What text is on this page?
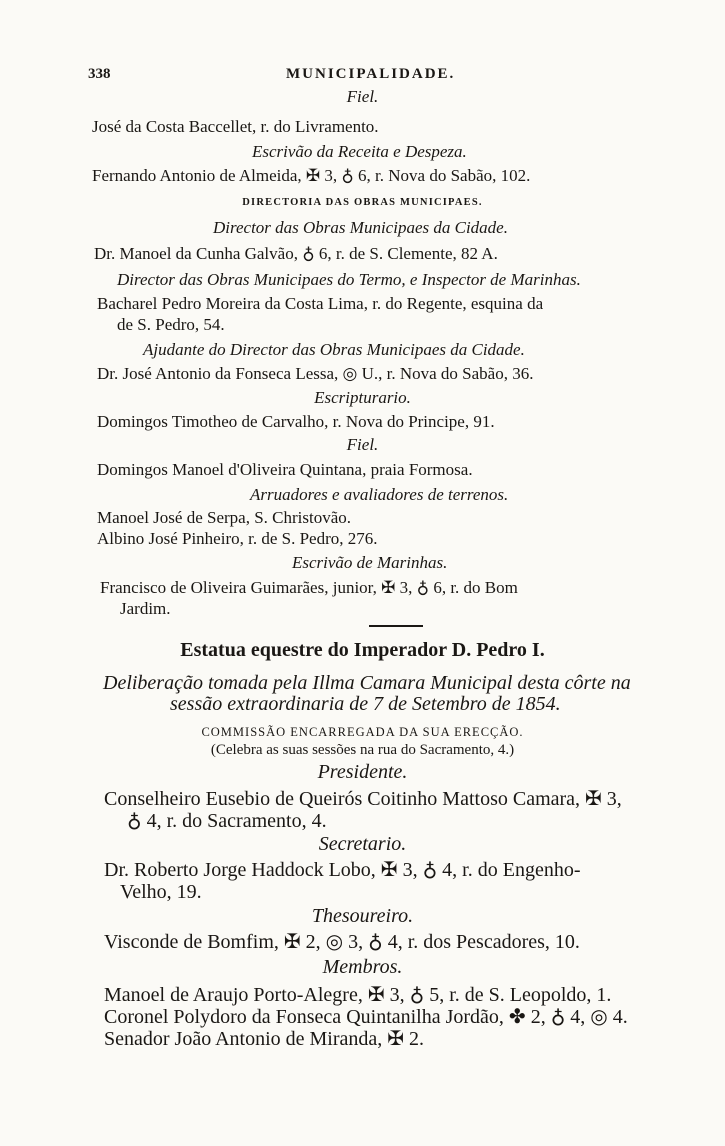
338	MUNICIPALIDADE.
Fiel.
José da Costa Baccellet, r. do Livramento.
Escrivão da Receita e Despeza.
Fernando Antonio de Almeida, ✠ 3, ♁ 6, r. Nova do Sabão, 102.
DIRECTORIA DAS OBRAS MUNICIPAES.
Director das Obras Municipaes da Cidade.
Dr. Manoel da Cunha Galvão, ♁ 6, r. de S. Clemente, 82 A.
Director das Obras Municipaes do Termo, e Inspector de Marinhas.
Bacharel Pedro Moreira da Costa Lima, r. do Regente, esquina da
de S. Pedro, 54.
Ajudante do Director das Obras Municipaes da Cidade.
Dr. José Antonio da Fonseca Lessa, ◎ U., r. Nova do Sabão, 36.
Escripturario.
Domingos Timotheo de Carvalho, r. Nova do Principe, 91.
Fiel.
Domingos Manoel d'Oliveira Quintana, praia Formosa.
Arruadores e avaliadores de terrenos.
Manoel José de Serpa, S. Christovão.
Albino José Pinheiro, r. de S. Pedro, 276.
Escrivão de Marinhas.
Francisco de Oliveira Guimarães, junior, ✠ 3, ♁ 6, r. do Bom
Jardim.
Estatua equestre do Imperador D. Pedro I.
Deliberação tomada pela Illma Camara Municipal desta côrte na
sessão extraordinaria de 7 de Setembro de 1854.
COMMISSÃO ENCARREGADA DA SUA ERECÇÃO.
(Celebra as suas sessões na rua do Sacramento, 4.)
Presidente.
Conselheiro Eusebio de Queirós Coitinho Mattoso Camara, ✠ 3,
♁ 4, r. do Sacramento, 4.
Secretario.
Dr. Roberto Jorge Haddock Lobo, ✠ 3, ♁ 4, r. do Engenho-
Velho, 19.
Thesoureiro.
Visconde de Bomfim, ✠ 2, ◎ 3, ♁ 4, r. dos Pescadores, 10.
Membros.
Manoel de Araujo Porto-Alegre, ✠ 3, ♁ 5, r. de S. Leopoldo, 1.
Coronel Polydoro da Fonseca Quintanilha Jordão, ✤ 2, ♁ 4, ◎ 4.
Senador João Antonio de Miranda, ✠ 2.
